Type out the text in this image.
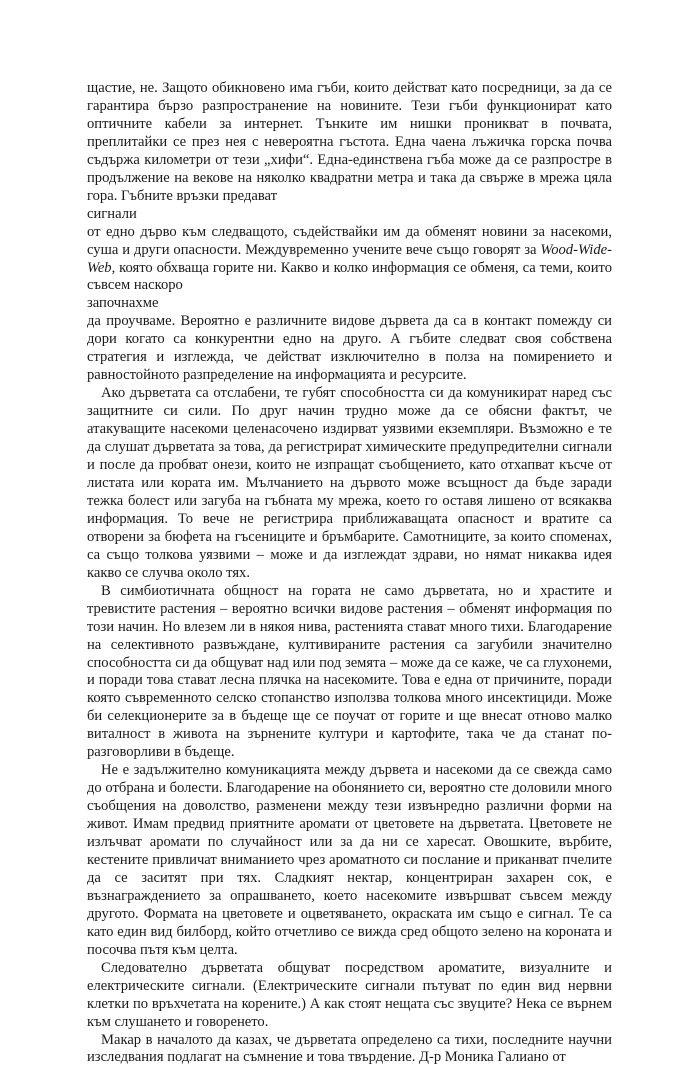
щастие, не. Защото обикновено има гъби, които действат като посредници, за да се гарантира бързо разпространение на новините. Тези гъби функционират като оптичните кабели за интернет. Тънките им нишки проникват в почвата, преплитайки се през нея с невероятна гъстота. Една чаена лъжичка горска почва съдържа километри от тези „хифи“. Една-единствена гъба може да се разпростре в продължение на векове на няколко квадратни метра и така да свърже в мрежа цяла гора. Гъбните връзки предават

сигнали

от едно дърво към следващото, съдействайки им да обменят новини за насекоми, суша и други опасности. Междувременно учените вече също говорят за Wood-Wide-Web, която обхваща горите ни. Какво и колко информация се обменя, са теми, които съвсем наскоро

започнахме

да проучваме. Вероятно е различните видове дървета да са в контакт помежду си дори когато са конкурентни едно на друго. А гъбите следват своя собствена стратегия и изглежда, че действат изключително в полза на помирението и равностойното разпределение на информацията и ресурсите.

Ако дърветата са отслабени, те губят способността си да комуникират наред със защитните си сили. По друг начин трудно може да се обясни фактът, че атакуващите насекоми целенасочено издирват уязвими екземпляри. Възможно е те да слушат дърветата за това, да регистрират химическите предупредителни сигнали и после да пробват онези, които не изпращат съобщението, като отхапват късче от листата или кората им. Мълчанието на дървото може всъщност да бъде заради тежка болест или загуба на гъбната му мрежа, което го оставя лишено от всякаква информация. То вече не регистрира приближаващата опасност и вратите са отворени за бюфета на гъсениците и бръмбарите. Самотниците, за които споменах, са също толкова уязвими – може и да изглеждат здрави, но нямат никаква идея какво се случва около тях.

В симбиотичната общност на гората не само дърветата, но и храстите и тревистите растения – вероятно всички видове растения – обменят информация по този начин. Но влезем ли в някоя нива, растенията стават много тихи. Благодарение на селективното развъждане, култивираните растения са загубили значително способността си да общуват над или под земята – може да се каже, че са глухонеми, и поради това стават лесна плячка на насекомите. Това е една от причините, поради която съвременното селско стопанство използва толкова много инсектициди. Може би селекционерите за в бъдеще ще се поучат от горите и ще внесат отново малко виталност в живота на зърнените култури и картофите, така че да станат по-разговорливи в бъдеще.

Не е задължително комуникацията между дървета и насекоми да се свежда само до отбрана и болести. Благодарение на обонянието си, вероятно сте доловили много съобщения на доволство, разменени между тези извънредно различни форми на живот. Имам предвид приятните аромати от цветовете на дърветата. Цветовете не излъчват аромати по случайност или за да ни се харесат. Овошките, върбите, кестените привличат вниманието чрез ароматното си послание и приканват пчелите да се заситят при тях. Сладкият нектар, концентриран захарен сок, е възнаграждението за опрашването, което насекомите извършват съвсем между другото. Формата на цветовете и оцветяването, окраската им също е сигнал. Те са като един вид билборд, който отчетливо се вижда сред общото зелено на короната и посочва пътя към целта.

Следователно дърветата общуват посредством ароматите, визуалните и електрическите сигнали. (Електрическите сигнали пътуват по един вид нервни клетки по връхчетата на корените.) А как стоят нещата със звуците? Нека се върнем към слушането и говоренето.

Макар в началото да казах, че дърветата определено са тихи, последните научни изследвания подлагат на съмнение и това твърдение. Д-р Моника Галиано от
